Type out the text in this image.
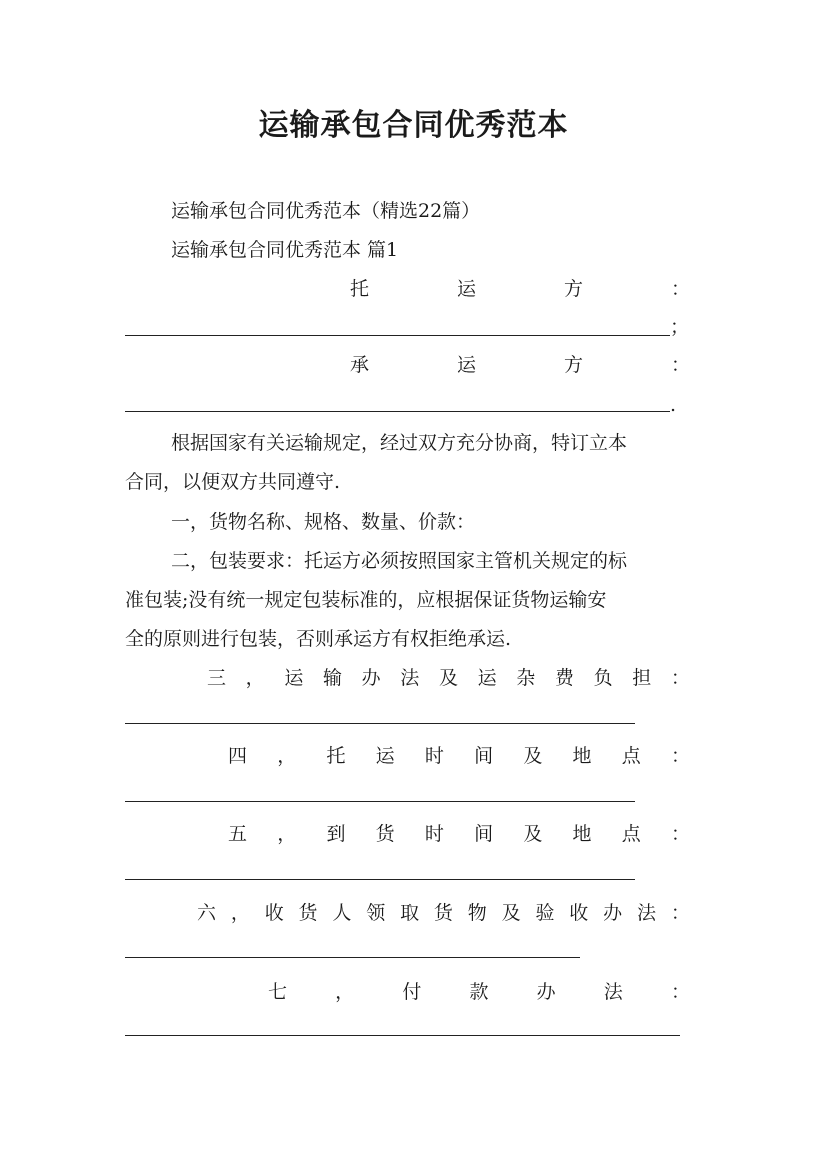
运输承包合同优秀范本
运输承包合同优秀范本（精选22篇）
运输承包合同优秀范本 篇1
托	运	方	：
；
承	运	方	：
.
根据国家有关运输规定，经过双方充分协商，特订立本
合同，以便双方共同遵守.
一，货物名称、规格、数量、价款：
二，包装要求：托运方必须按照国家主管机关规定的标
准包装;没有统一规定包装标准的，应根据保证货物运输安
全的原则进行包装，否则承运方有权拒绝承运.
三 ， 运 输 办 法 及 运 杂 费 负 担 ：
四 ， 托 运 时 间 及 地 点 ：
五 ， 到 货 时 间 及 地 点 ：
六 ， 收 货 人 领 取 货 物 及 验 收 办 法 ：
七	，	付	款	办	法	：
